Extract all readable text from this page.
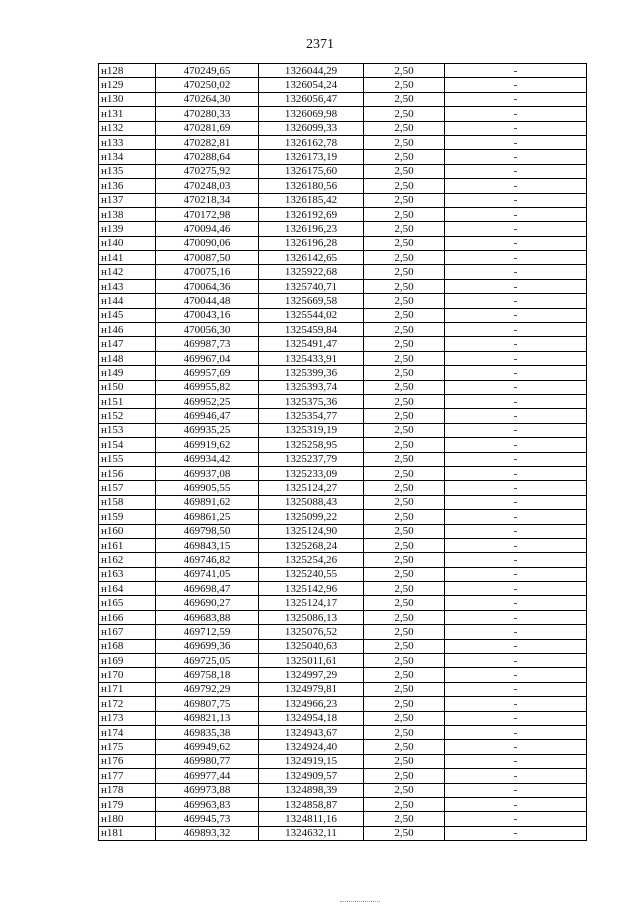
2371
н128	470249,65	1326044,29	2,50	-
н129	470250,02	1326054,24	2,50	-
н130	470264,30	1326056,47	2,50	-
н131	470280,33	1326069,98	2,50	-
н132	470281,69	1326099,33	2,50	-
н133	470282,81	1326162,78	2,50	-
н134	470288,64	1326173,19	2,50	-
н135	470275,92	1326175,60	2,50	-
н136	470248,03	1326180,56	2,50	-
н137	470218,34	1326185,42	2,50	-
н138	470172,98	1326192,69	2,50	-
н139	470094,46	1326196,23	2,50	-
н140	470090,06	1326196,28	2,50	-
н141	470087,50	1326142,65	2,50	-
н142	470075,16	1325922,68	2,50	-
н143	470064,36	1325740,71	2,50	-
н144	470044,48	1325669,58	2,50	-
н145	470043,16	1325544,02	2,50	-
н146	470056,30	1325459,84	2,50	-
н147	469987,73	1325491,47	2,50	-
н148	469967,04	1325433,91	2,50	-
н149	469957,69	1325399,36	2,50	-
н150	469955,82	1325393,74	2,50	-
н151	469952,25	1325375,36	2,50	-
н152	469946,47	1325354,77	2,50	-
н153	469935,25	1325319,19	2,50	-
н154	469919,62	1325258,95	2,50	-
н155	469934,42	1325237,79	2,50	-
н156	469937,08	1325233,09	2,50	-
н157	469905,55	1325124,27	2,50	-
н158	469891,62	1325088,43	2,50	-
н159	469861,25	1325099,22	2,50	-
н160	469798,50	1325124,90	2,50	-
н161	469843,15	1325268,24	2,50	-
н162	469746,82	1325254,26	2,50	-
н163	469741,05	1325240,55	2,50	-
н164	469698,47	1325142,96	2,50	-
н165	469690,27	1325124,17	2,50	-
н166	469683,88	1325086,13	2,50	-
н167	469712,59	1325076,52	2,50	-
н168	469699,36	1325040,63	2,50	-
н169	469725,05	1325011,61	2,50	-
н170	469758,18	1324997,29	2,50	-
н171	469792,29	1324979,81	2,50	-
н172	469807,75	1324966,23	2,50	-
н173	469821,13	1324954,18	2,50	-
н174	469835,38	1324943,67	2,50	-
н175	469949,62	1324924,40	2,50	-
н176	469980,77	1324919,15	2,50	-
н177	469977,44	1324909,57	2,50	-
н178	469973,88	1324898,39	2,50	-
н179	469963,83	1324858,87	2,50	-
н180	469945,73	1324811,16	2,50	-
н181	469893,32	1324632,11	2,50	-
